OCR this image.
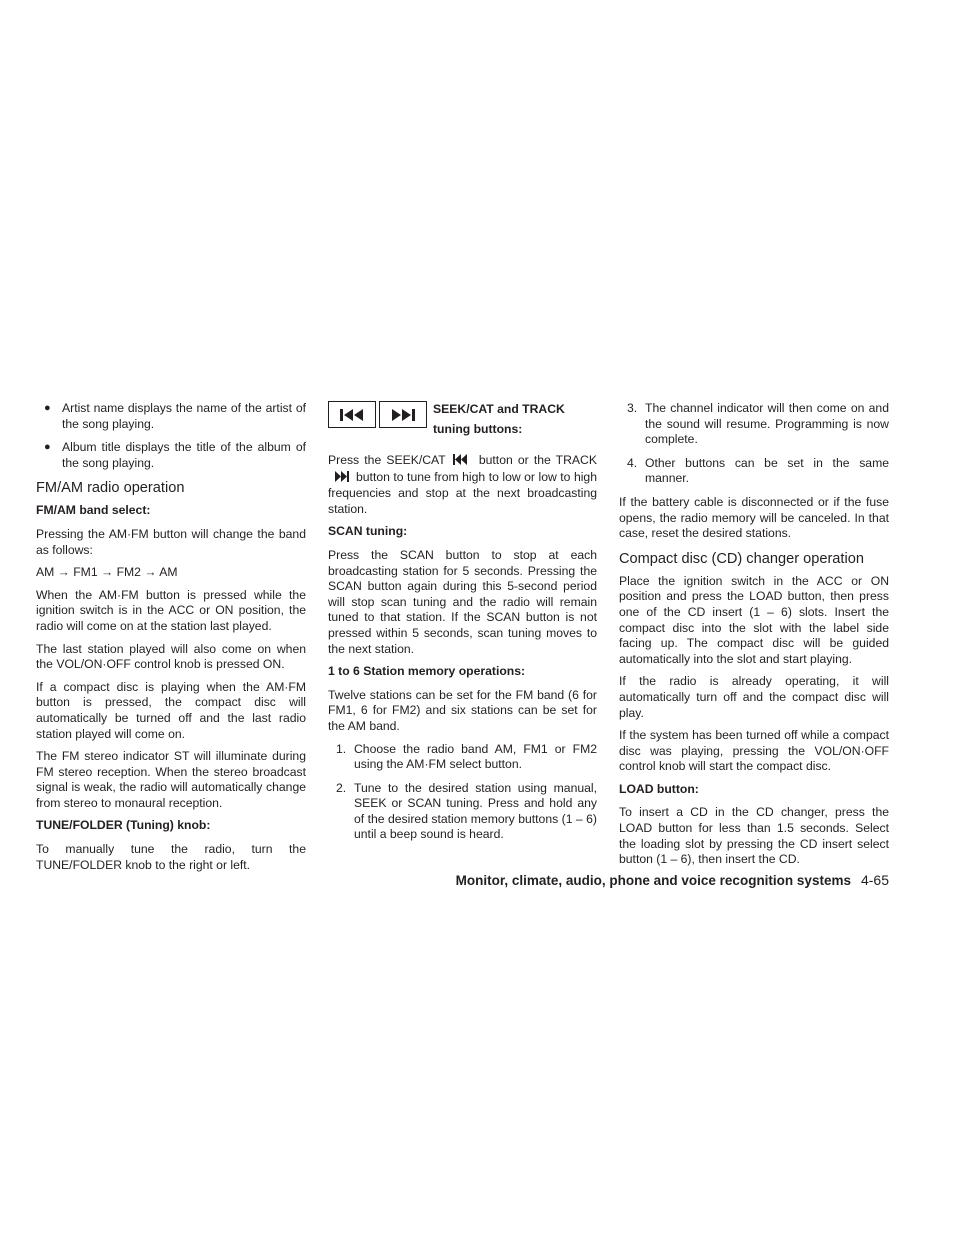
● Artist name displays the name of the artist of the song playing.
● Album title displays the title of the album of the song playing.
FM/AM radio operation

FM/AM band select:

Pressing the AM·FM button will change the band as follows:

AM → FM1 → FM2 → AM

When the AM·FM button is pressed while the ignition switch is in the ACC or ON position, the radio will come on at the station last played.

The last station played will also come on when the VOL/ON·OFF control knob is pressed ON.

If a compact disc is playing when the AM·FM button is pressed, the compact disc will automatically be turned off and the last radio station played will come on.

The FM stereo indicator ST will illuminate during FM stereo reception. When the stereo broadcast signal is weak, the radio will automatically change from stereo to monaural reception.

TUNE/FOLDER (Tuning) knob:

To manually tune the radio, turn the TUNE/FOLDER knob to the right or left.

SEEK/CAT and TRACK
tuning buttons:

Press the SEEK/CAT	button or the TRACKbutton to tune from high to low or low to high frequencies and stop at the next broadcasting station.

SCAN tuning:

Press the SCAN button to stop at each broadcasting station for 5 seconds. Pressing the SCAN button again during this 5-second period will stop scan tuning and the radio will remain tuned to that station. If the SCAN button is not pressed within 5 seconds, scan tuning moves to the next station.

1 to 6 Station memory operations:

Twelve stations can be set for the FM band (6 for FM1, 6 for FM2) and six stations can be set for the AM band.

1. Choose the radio band AM, FM1 or FM2 using the AM·FM select button.
2. Tune to the desired station using manual, SEEK or SCAN tuning. Press and hold any of the desired station memory buttons (1 – 6) until a beep sound is heard.
3. The channel indicator will then come on and the sound will resume. Programming is now complete.
4. Other buttons can be set in the same manner.

If the battery cable is disconnected or if the fuse opens, the radio memory will be canceled. In that case, reset the desired stations.

Compact disc (CD) changer operation

Place the ignition switch in the ACC or ON position and press the LOAD button, then press one of the CD insert (1 – 6) slots. Insert the compact disc into the slot with the label side facing up. The compact disc will be guided automatically into the slot and start playing.

If the radio is already operating, it will automatically turn off and the compact disc will play.

If the system has been turned off while a compact disc was playing, pressing the VOL/ON·OFF control knob will start the compact disc.

LOAD button:

To insert a CD in the CD changer, press the LOAD button for less than 1.5 seconds. Select the loading slot by pressing the CD insert select button (1 – 6), then insert the CD.

Monitor, climate, audio, phone and voice recognition systems 4-65
